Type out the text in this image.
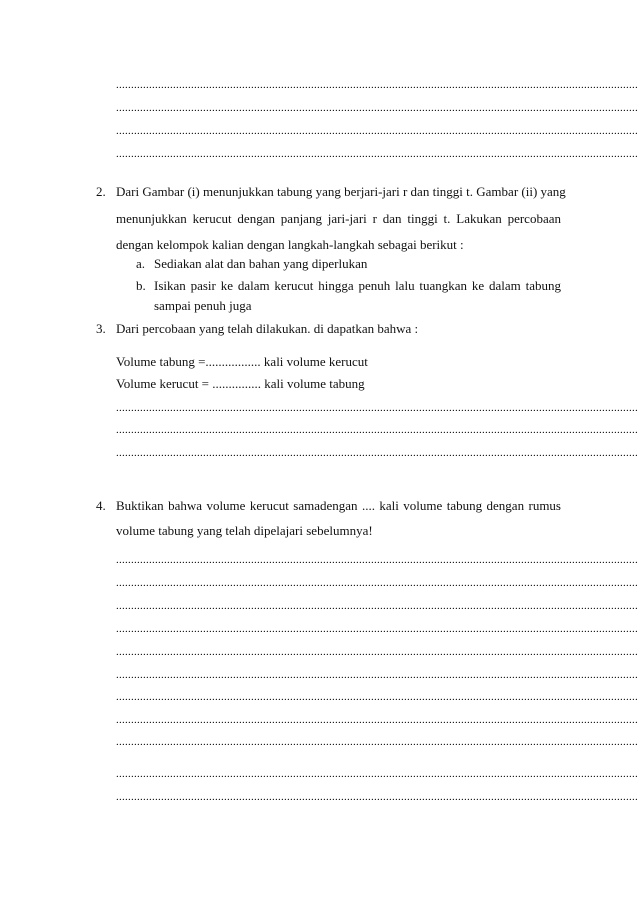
..............................................................................................................................................................................
..............................................................................................................................................................................
..............................................................................................................................................................................
..............................................................................................................................................................................
2. Dari Gambar (i) menunjukkan tabung yang berjari-jari r dan tinggi t. Gambar (ii) yang
menunjukkan kerucut dengan panjang jari-jari r dan tinggi t. Lakukan percobaan
dengan kelompok kalian dengan langkah-langkah sebagai berikut :
a. Sediakan alat dan bahan yang diperlukan
b. Isikan pasir ke dalam kerucut hingga penuh lalu tuangkan ke dalam tabung
sampai penuh juga
3. Dari percobaan yang telah dilakukan. di dapatkan bahwa :
Volume tabung =................. kali volume kerucut
Volume kerucut = ............... kali volume tabung
..............................................................................................................................................................................
..............................................................................................................................................................................
..............................................................................................................................................................................
4. Buktikan bahwa volume kerucut samadengan .... kali volume tabung dengan rumus
volume tabung yang telah dipelajari sebelumnya!
..............................................................................................................................................................................
..............................................................................................................................................................................
..............................................................................................................................................................................
..............................................................................................................................................................................
..............................................................................................................................................................................
..............................................................................................................................................................................
..............................................................................................................................................................................
..............................................................................................................................................................................
..............................................................................................................................................................................
..............................................................................................................................................................................
..............................................................................................................................................................................
